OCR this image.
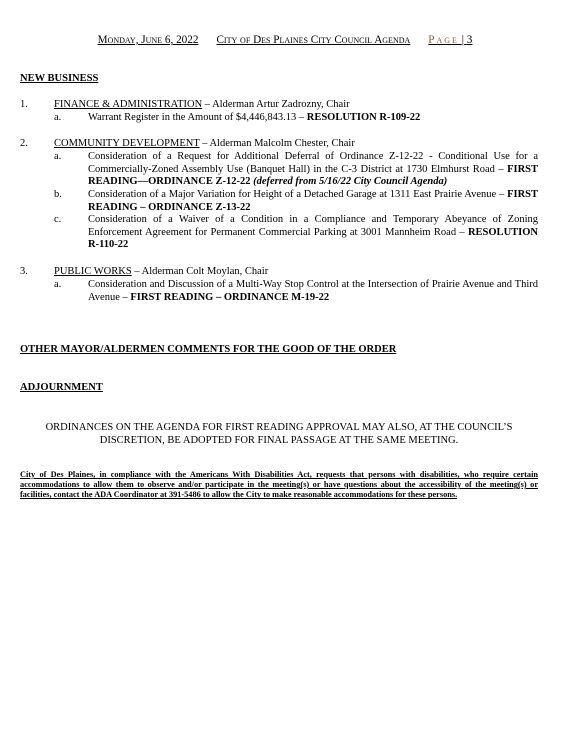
Monday, June 6, 2022 City of Des Plaines City Council Agenda Page | 3
NEW BUSINESS
1. FINANCE & ADMINISTRATION – Alderman Artur Zadrozny, Chair
a.	Warrant Register in the Amount of $4,446,843.13 – RESOLUTION R-109-22
2. COMMUNITY DEVELOPMENT – Alderman Malcolm Chester, Chair
a.	Consideration of a Request for Additional Deferral of Ordinance Z-12-22 - Conditional Use for a Commercially-Zoned Assembly Use (Banquet Hall) in the C-3 District at 1730 Elmhurst Road – FIRST READING—ORDINANCE Z-12-22 (deferred from 5/16/22 City Council Agenda)
b. Consideration of a Major Variation for Height of a Detached Garage at 1311 East Prairie Avenue – FIRST READING – ORDINANCE Z-13-22
c.	Consideration of a Waiver of a Condition in a Compliance and Temporary Abeyance of Zoning Enforcement Agreement for Permanent Commercial Parking at 3001 Mannheim Road – RESOLUTION R-110-22
3. PUBLIC WORKS – Alderman Colt Moylan, Chair
a.	Consideration and Discussion of a Multi-Way Stop Control at the Intersection of Prairie Avenue and Third Avenue – FIRST READING – ORDINANCE M-19-22
OTHER MAYOR/ALDERMEN COMMENTS FOR THE GOOD OF THE ORDER
ADJOURNMENT
ORDINANCES ON THE AGENDA FOR FIRST READING APPROVAL MAY ALSO, AT THE COUNCIL’S DISCRETION, BE ADOPTED FOR FINAL PASSAGE AT THE SAME MEETING.
City of Des Plaines, in compliance with the Americans With Disabilities Act, requests that persons with disabilities, who require certain accommodations to allow them to observe and/or participate in the meeting(s) or have questions about the accessibility of the meeting(s) or facilities, contact the ADA Coordinator at 391-5486 to allow the City to make reasonable accommodations for these persons.
